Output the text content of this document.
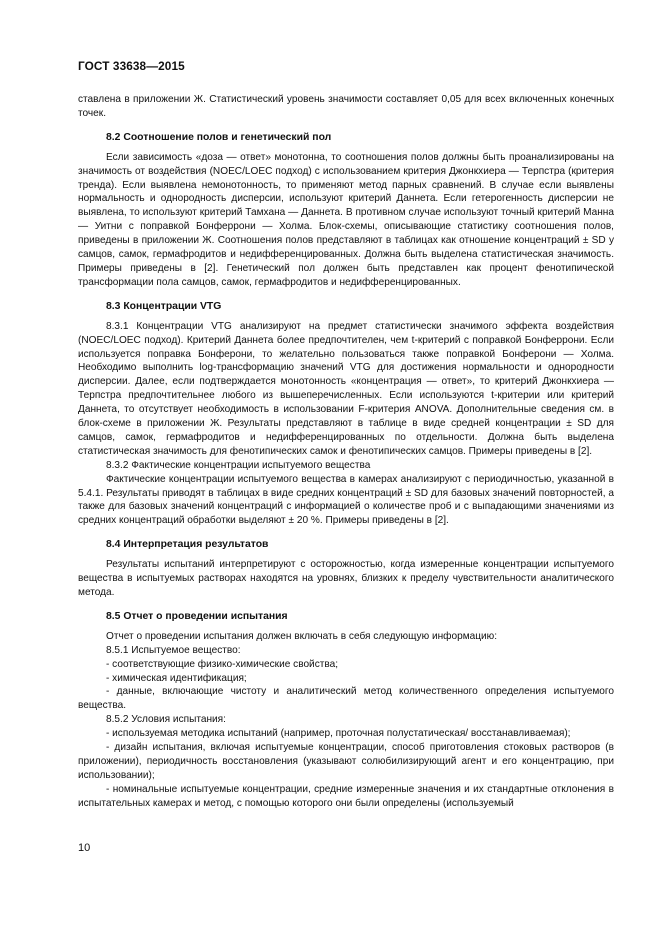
ГОСТ 33638—2015
ставлена в приложении Ж. Статистический уровень значимости составляет 0,05 для всех включенных конечных точек.
8.2 Соотношение полов и генетический пол
Если зависимость «доза — ответ» монотонна, то соотношения полов должны быть проанализированы на значимость от воздействия (NOEC/LOEC подход) с использованием критерия Джонкхиера — Терпстра (критерия тренда). Если выявлена немонотонность, то применяют метод парных сравнений. В случае если выявлены нормальность и однородность дисперсии, используют критерий Даннета. Если гетерогенность дисперсии не выявлена, то используют критерий Тамхана — Даннета. В противном случае используют точный критерий Манна — Уитни с поправкой Бонферрони — Холма. Блок-схемы, описывающие статистику соотношения полов, приведены в приложении Ж. Соотношения полов представляют в таблицах как отношение концентраций ± SD у самцов, самок, гермафродитов и недифференцированных. Должна быть выделена статистическая значимость. Примеры приведены в [2]. Генетический пол должен быть представлен как процент фенотипической трансформации пола самцов, самок, гермафродитов и недифференцированных.
8.3 Концентрации VTG
8.3.1 Концентрации VTG анализируют на предмет статистически значимого эффекта воздействия (NOEC/LOEC подход). Критерий Даннета более предпочтителен, чем t-критерий с поправкой Бонферрони. Если используется поправка Бонферони, то желательно пользоваться также поправкой Бонферони — Холма. Необходимо выполнить log-трансформацию значений VTG для достижения нормальности и однородности дисперсии. Далее, если подтверждается монотонность «концентрация — ответ», то критерий Джонкхиера — Терпстра предпочтительнее любого из вышеперечисленных. Если используются t-критерии или критерий Даннета, то отсутствует необходимость в использовании F-критерия ANOVA. Дополнительные сведения см. в блок-схеме в приложении Ж. Результаты представляют в таблице в виде средней концентрации ± SD для самцов, самок, гермафродитов и недифференцированных по отдельности. Должна быть выделена статистическая значимость для фенотипических самок и фенотипических самцов. Примеры приведены в [2].
8.3.2 Фактические концентрации испытуемого вещества
Фактические концентрации испытуемого вещества в камерах анализируют с периодичностью, указанной в 5.4.1. Результаты приводят в таблицах в виде средних концентраций ± SD для базовых значений повторностей, а также для базовых значений концентраций с информацией о количестве проб и с выпадающими значениями из средних концентраций обработки выделяют ± 20 %. Примеры приведены в [2].
8.4 Интерпретация результатов
Результаты испытаний интерпретируют с осторожностью, когда измеренные концентрации испытуемого вещества в испытуемых растворах находятся на уровнях, близких к пределу чувствительности аналитического метода.
8.5 Отчет о проведении испытания
Отчет о проведении испытания должен включать в себя следующую информацию:
8.5.1 Испытуемое вещество:
- соответствующие физико-химические свойства;
- химическая идентификация;
- данные, включающие чистоту и аналитический метод количественного определения испытуемого вещества.
8.5.2 Условия испытания:
- используемая методика испытаний (например, проточная полустатическая/ восстанавливаемая);
- дизайн испытания, включая испытуемые концентрации, способ приготовления стоковых растворов (в приложении), периодичность восстановления (указывают солюбилизирующий агент и его концентрацию, при использовании);
- номинальные испытуемые концентрации, средние измеренные значения и их стандартные отклонения в испытательных камерах и метод, с помощью которого они были определены (используемый
10
